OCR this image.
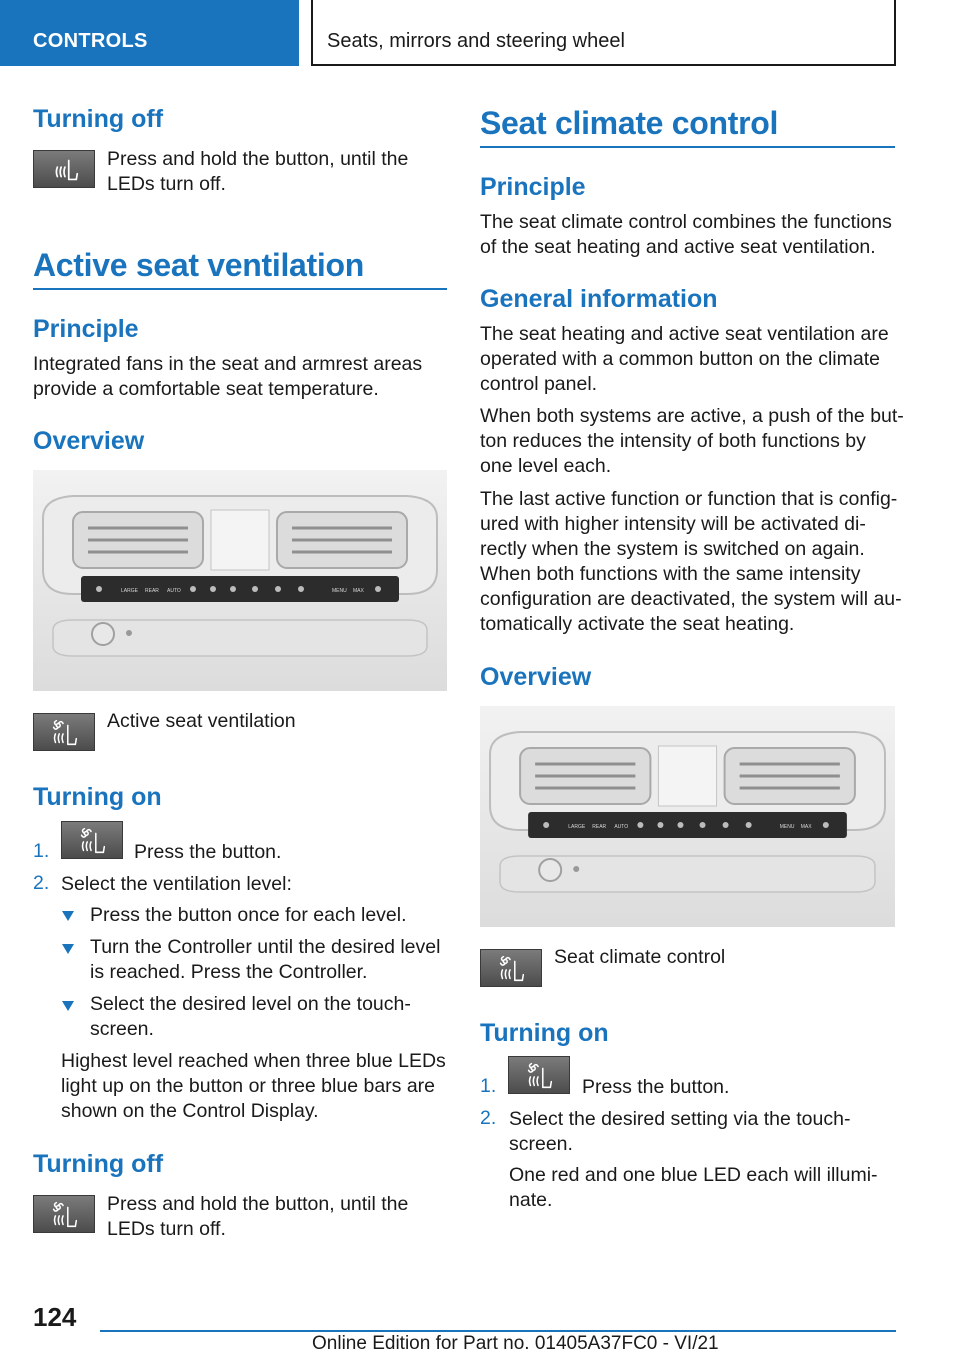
CONTROLS	Seats, mirrors and steering wheel
Turning off
Press and hold the button, until the
LEDs turn off.
Active seat ventilation
Principle
Integrated fans in the seat and armrest areas
provide a comfortable seat temperature.
Overview
LARGE REAR AUTO	MENU MAX
Active seat ventilation
Turning on
1.	Press the button.
2. Select the ventilation level:
Press the button once for each level.
Turn the Controller until the desired level
is reached. Press the Controller.
Select the desired level on the touch-
screen.
Highest level reached when three blue LEDs
light up on the button or three blue bars are
shown on the Control Display.
Turning off
Press and hold the button, until the
LEDs turn off.
Seat climate control
Principle
The seat climate control combines the functions
of the seat heating and active seat ventilation.
General information
The seat heating and active seat ventilation are
operated with a common button on the climate
control panel.
When both systems are active, a push of the but-
ton reduces the intensity of both functions by
one level each.
The last active function or function that is config-
ured with higher intensity will be activated di-
rectly when the system is switched on again.
When both functions with the same intensity
configuration are deactivated, the system will au-
tomatically activate the seat heating.
Overview
LARGE REAR AUTO	MENU MAX
Seat climate control
Turning on
1.	Press the button.
2. Select the desired setting via the touch-
screen.
One red and one blue LED each will illumi-
nate.
124
Online Edition for Part no. 01405A37FC0 - VI/21
